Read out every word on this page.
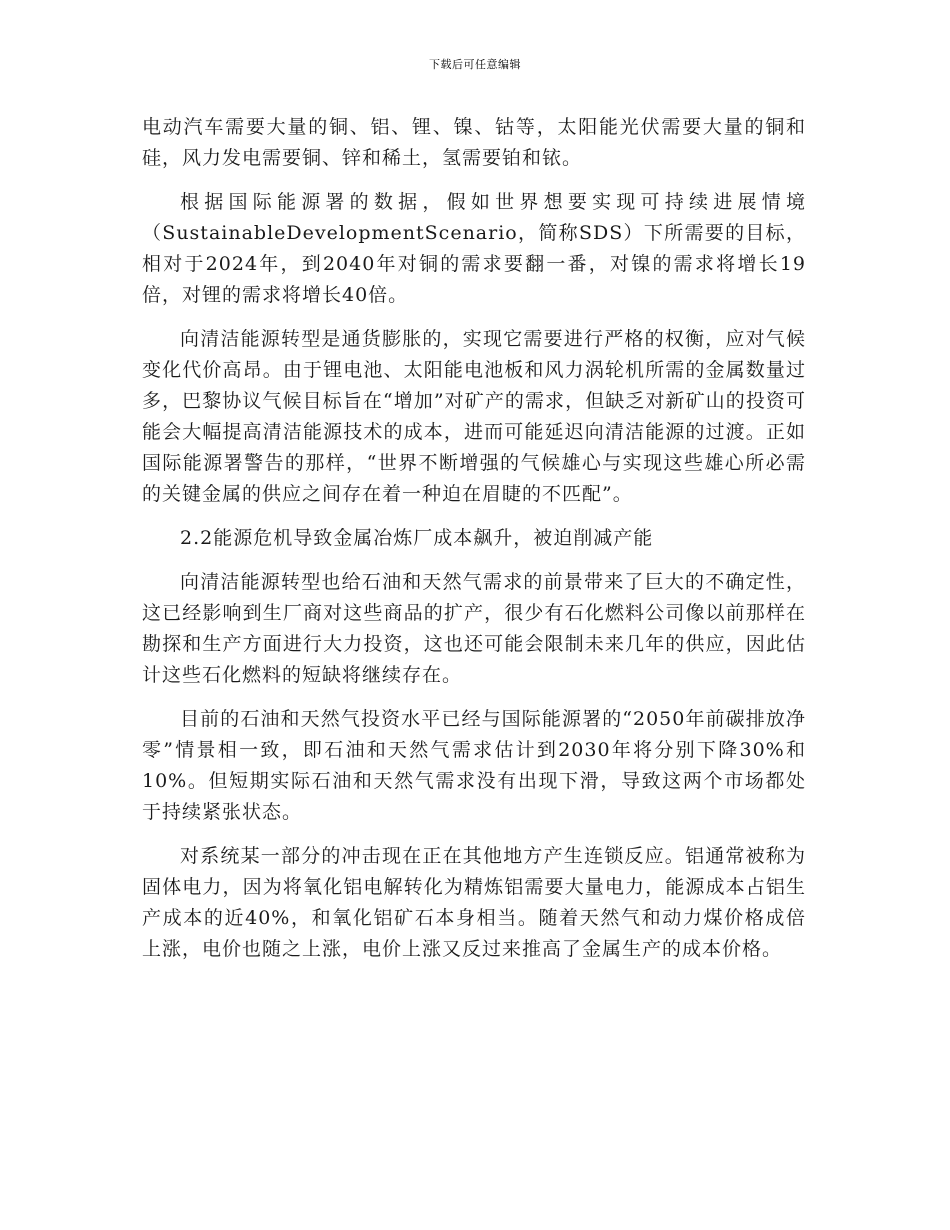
下载后可任意编辑

电动汽车需要大量的铜、铝、锂、镍、钴等，太阳能光伏需要大量的铜和硅，风力发电需要铜、锌和稀土，氢需要铂和铱。

根据国际能源署的数据，假如世界想要实现可持续进展情境（SustainableDevelopmentScenario，简称SDS）下所需要的目标，相对于2024年，到2040年对铜的需求要翻一番，对镍的需求将增长19倍，对锂的需求将增长40倍。

向清洁能源转型是通货膨胀的，实现它需要进行严格的权衡，应对气候变化代价高昂。由于锂电池、太阳能电池板和风力涡轮机所需的金属数量过多，巴黎协议气候目标旨在“增加”对矿产的需求，但缺乏对新矿山的投资可能会大幅提高清洁能源技术的成本，进而可能延迟向清洁能源的过渡。正如国际能源署警告的那样，“世界不断增强的气候雄心与实现这些雄心所必需的关键金属的供应之间存在着一种迫在眉睫的不匹配”。

2.2能源危机导致金属冶炼厂成本飙升，被迫削减产能

向清洁能源转型也给石油和天然气需求的前景带来了巨大的不确定性，这已经影响到生厂商对这些商品的扩产，很少有石化燃料公司像以前那样在勘探和生产方面进行大力投资，这也还可能会限制未来几年的供应，因此估计这些石化燃料的短缺将继续存在。

目前的石油和天然气投资水平已经与国际能源署的“2050年前碳排放净零”情景相一致，即石油和天然气需求估计到2030年将分别下降30%和10%。但短期实际石油和天然气需求没有出现下滑，导致这两个市场都处于持续紧张状态。

对系统某一部分的冲击现在正在其他地方产生连锁反应。铝通常被称为固体电力，因为将氧化铝电解转化为精炼铝需要大量电力，能源成本占铝生产成本的近40%，和氧化铝矿石本身相当。随着天然气和动力煤价格成倍上涨，电价也随之上涨，电价上涨又反过来推高了金属生产的成本价格。
